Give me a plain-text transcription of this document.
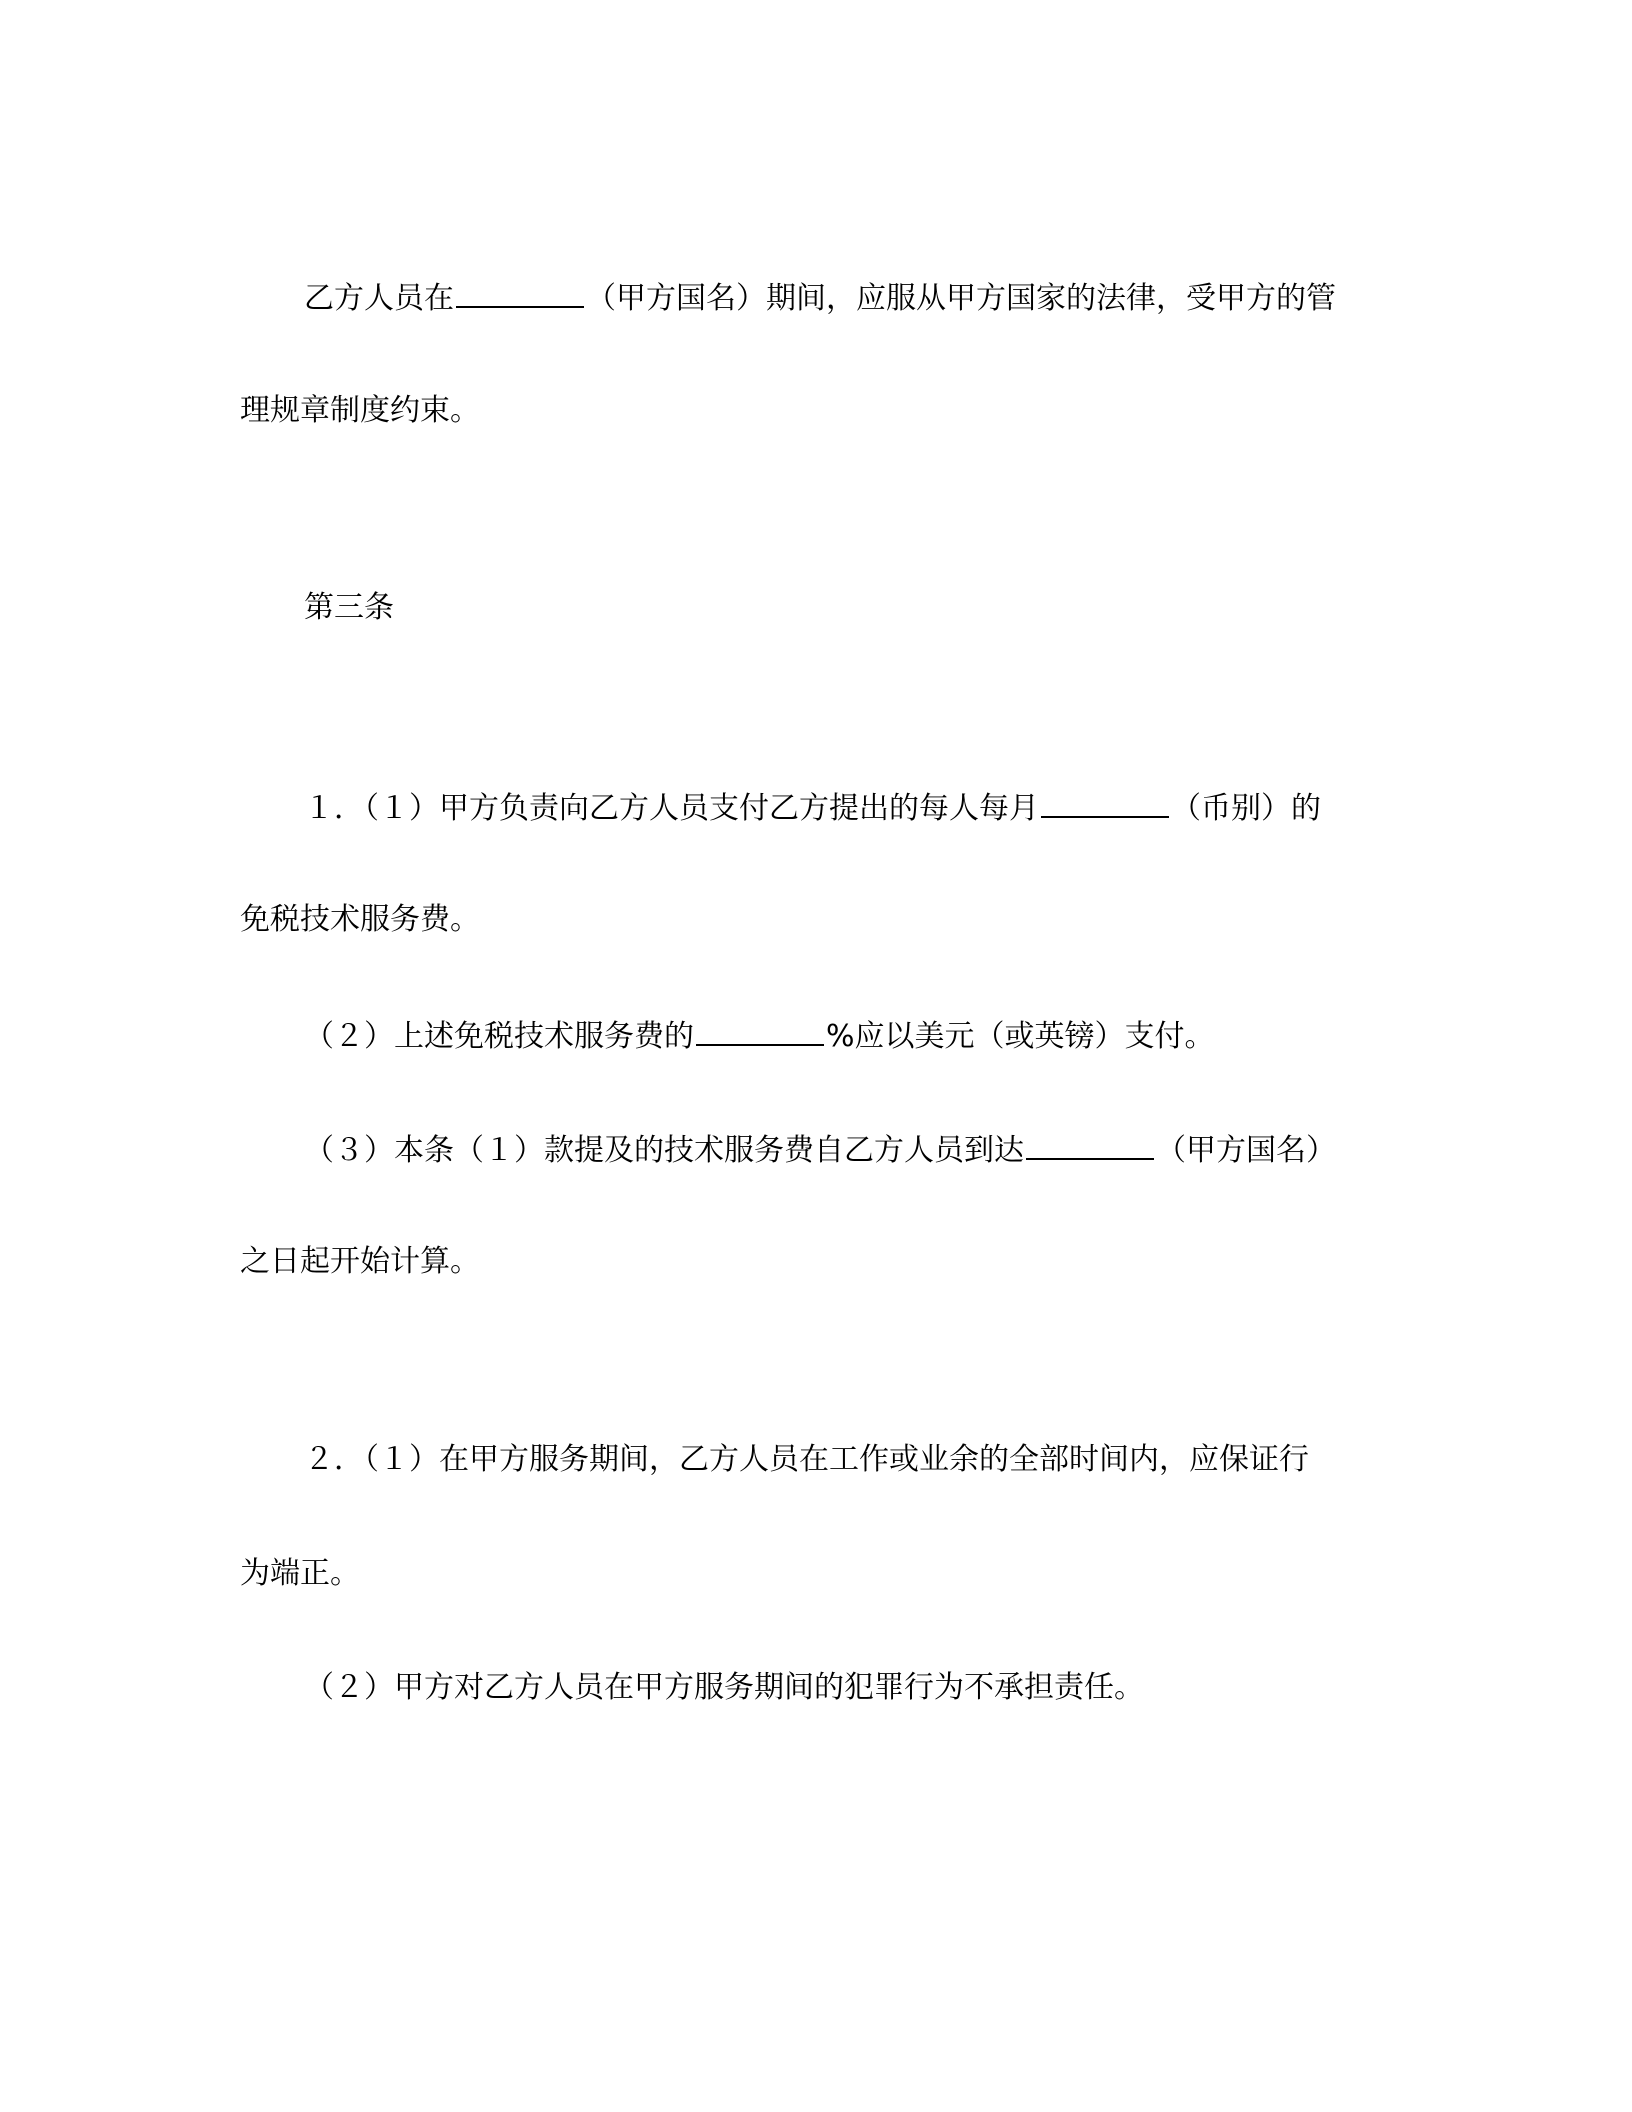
乙方人员在	（甲方国名）期间，应服从甲方国家的法律，受甲方的管
理规章制度约束。
第三条
１．（１）甲方负责向乙方人员支付乙方提出的每人每月	（币别）的
免税技术服务费。
（２）上述免税技术服务费的	%应以美元（或英镑）支付。
（３）本条（１）款提及的技术服务费自乙方人员到达	（甲方国名）
之日起开始计算。
２．（１）在甲方服务期间，乙方人员在工作或业余的全部时间内，应保证行
为端正。
（２）甲方对乙方人员在甲方服务期间的犯罪行为不承担责任。
